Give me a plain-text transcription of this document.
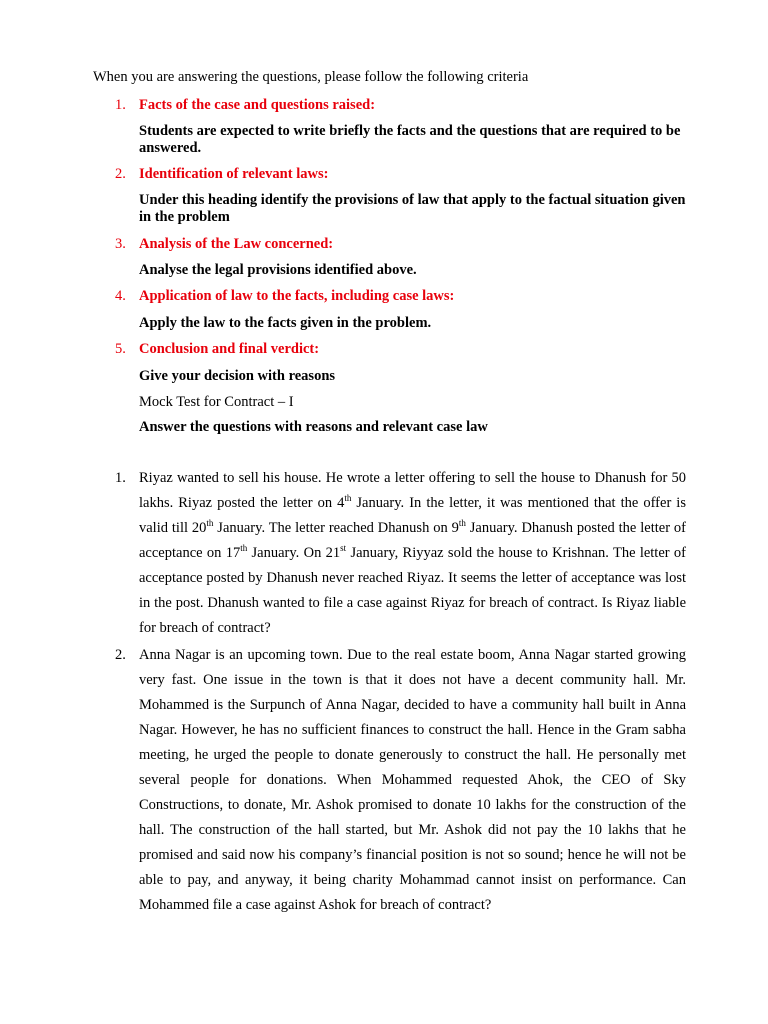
When you are answering the questions, please follow the following criteria
1. Facts of the case and questions raised:
Students are expected to write briefly the facts and the questions that are required to be answered.
2. Identification of relevant laws:
Under this heading identify the provisions of law that apply to the factual situation given in the problem
3. Analysis of the Law concerned:
Analyse the legal provisions identified above.
4. Application of law to the facts, including case laws:
Apply the law to the facts given in the problem.
5. Conclusion and final verdict:
Give your decision with reasons
Mock Test for Contract – I
Answer the questions with reasons and relevant case law
1. Riyaz wanted to sell his house. He wrote a letter offering to sell the house to Dhanush for 50 lakhs. Riyaz posted the letter on 4th January. In the letter, it was mentioned that the offer is valid till 20th January. The letter reached Dhanush on 9th January. Dhanush posted the letter of acceptance on 17th January. On 21st January, Riyyaz sold the house to Krishnan. The letter of acceptance posted by Dhanush never reached Riyaz. It seems the letter of acceptance was lost in the post. Dhanush wanted to file a case against Riyaz for breach of contract. Is Riyaz liable for breach of contract?
2. Anna Nagar is an upcoming town. Due to the real estate boom, Anna Nagar started growing very fast. One issue in the town is that it does not have a decent community hall. Mr. Mohammed is the Surpunch of Anna Nagar, decided to have a community hall built in Anna Nagar. However, he has no sufficient finances to construct the hall. Hence in the Gram sabha meeting, he urged the people to donate generously to construct the hall. He personally met several people for donations. When Mohammed requested Ahok, the CEO of Sky Constructions, to donate, Mr. Ashok promised to donate 10 lakhs for the construction of the hall. The construction of the hall started, but Mr. Ashok did not pay the 10 lakhs that he promised and said now his company’s financial position is not so sound; hence he will not be able to pay, and anyway, it being charity Mohammad cannot insist on performance. Can Mohammed file a case against Ashok for breach of contract?
